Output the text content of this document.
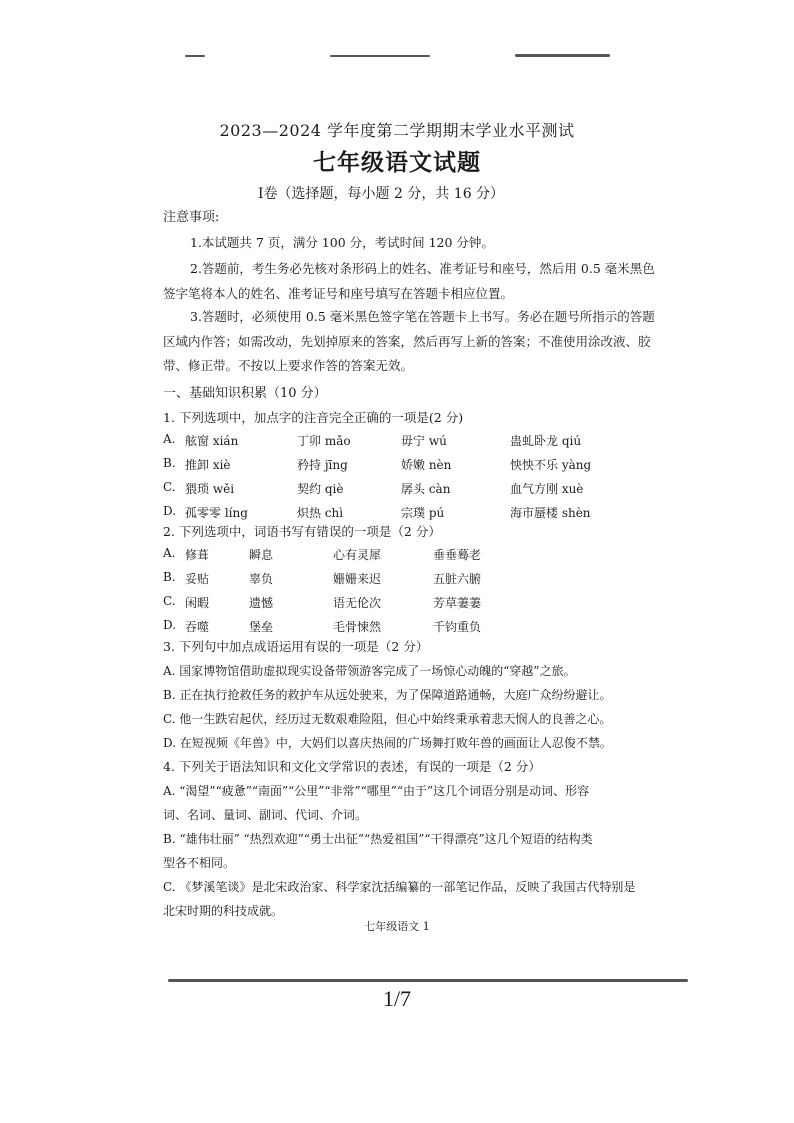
2023—2024 学年度第二学期期末学业水平测试
七年级语文试题
Ⅰ卷（选择题，每小题 2 分，共 16 分）
注意事项:
1.本试题共 7 页，满分 100 分，考试时间 120 分钟。
2.答题前，考生务必先核对条形码上的姓名、准考证号和座号，然后用 0.5 毫米黑色
签字笔将本人的姓名、准考证号和座号填写在答题卡相应位置。
3.答题时，必须使用 0.5 毫米黑色签字笔在答题卡上书写。务必在题号所指示的答题
区域内作答；如需改动，先划掉原来的答案，然后再写上新的答案；不准使用涂改液、胶
带、修正带。不按以上要求作答的答案无效。
一、基础知识积累（10 分）
1. 下列选项中，加点字的注音完全正确的一项是(2 分)
A. 舷窗 xián	丁卯 mǎo	毋宁 wú	蛊虬卧龙 qiú
B. 推卸 xiè	矜持 jīng	娇嫩 nèn	怏怏不乐 yàng
C. 猥琐 wěi	契约 qiè	孱头 càn	血气方刚 xuè
D. 孤零零 líng	炽热 chì	宗璞 pú	海市蜃楼 shèn
2. 下列选项中，词语书写有错误的一项是（2 分）
A. 修葺	瞬息	心有灵犀	垂垂蓦老
B. 妥贴	辜负	姗姗来迟	五脏六腑
C. 闲暇	遗憾	语无伦次	芳草萋萋
D. 吞噬	堡垒	毛骨悚然	千钧重负
3. 下列句中加点成语运用有误的一项是（2 分）
A. 国家博物馆借助虚拟现实设备带领游客完成了一场惊心动魄的“穿越”之旅。
B. 正在执行抢救任务的救护车从远处驶来，为了保障道路通畅，大庭广众纷纷避让。
C. 他一生跌宕起伏，经历过无数艰难险阻，但心中始终秉承着悲天悯人的良善之心。
D. 在短视频《年兽》中，大妈们以喜庆热闹的广场舞打败年兽的画面让人忍俊不禁。
4. 下列关于语法知识和文化文学常识的表述，有误的一项是（2 分）
A. “渴望”“疲惫”“南面”“公里”“非常”“哪里”“由于”这几个词语分别是动词、形容
词、名词、量词、副词、代词、介词。
B. “雄伟壮丽” “热烈欢迎”“勇士出征”“热爱祖国”“干得漂亮”这几个短语的结构类
型各不相同。
C. 《梦溪笔谈》是北宋政治家、科学家沈括编纂的一部笔记作品，反映了我国古代特别是
北宋时期的科技成就。
七年级语文 1
1/7
